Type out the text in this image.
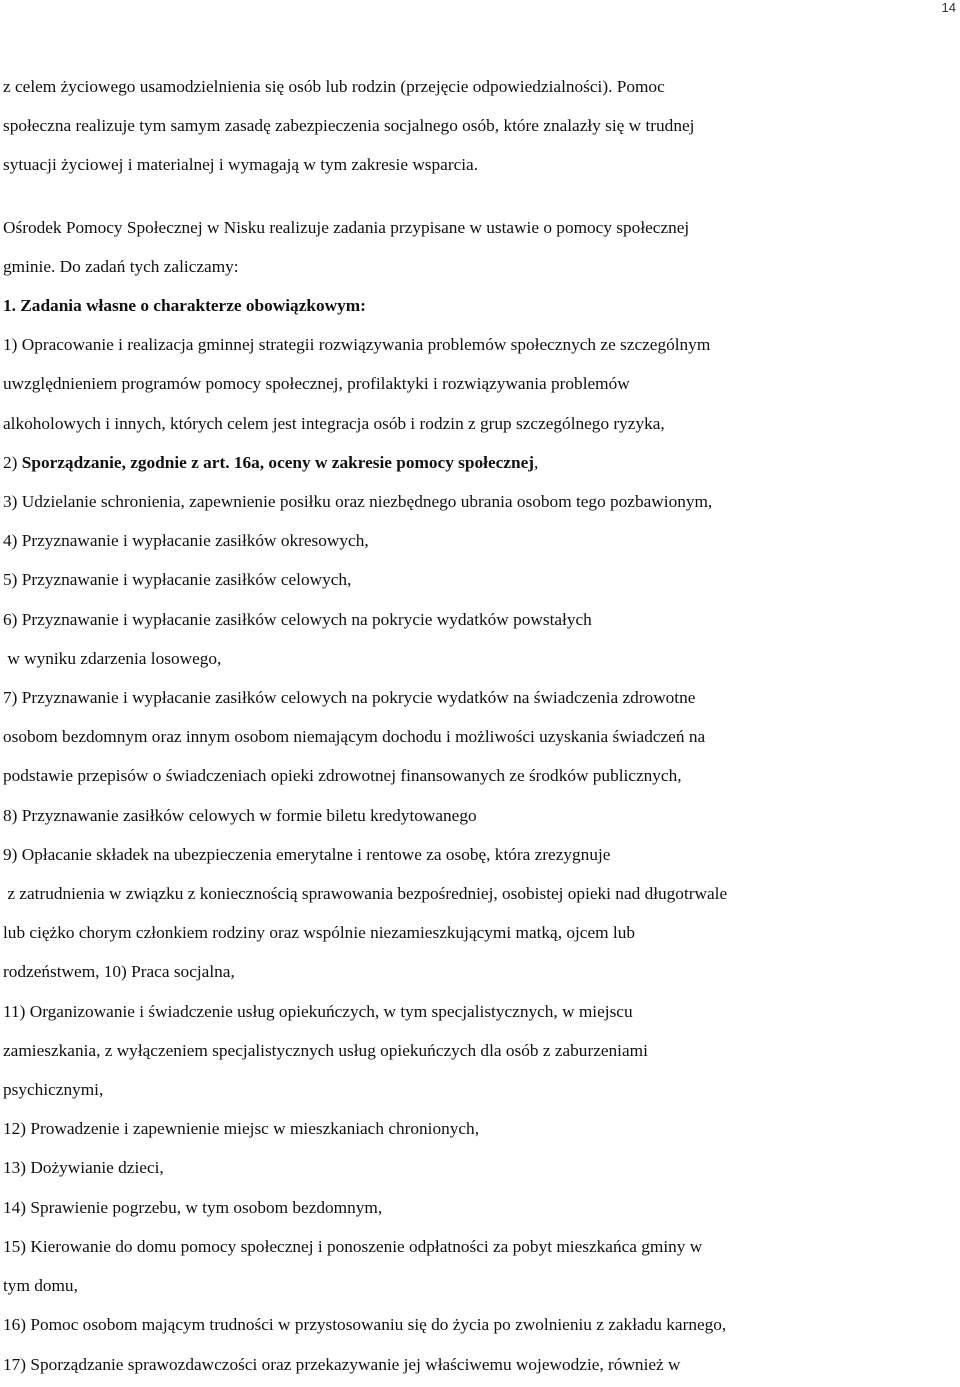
14

z celem życiowego usamodzielnienia się osób lub rodzin (przejęcie odpowiedzialności). Pomoc

społeczna realizuje tym samym zasadę zabezpieczenia socjalnego osób, które znalazły się w trudnej

sytuacji życiowej i materialnej i wymagają w tym zakresie wsparcia.

Ośrodek Pomocy Społecznej w Nisku realizuje zadania przypisane w ustawie o pomocy społecznej

gminie. Do zadań tych zaliczamy:

1. Zadania własne o charakterze obowiązkowym:

1) Opracowanie i realizacja gminnej strategii rozwiązywania problemów społecznych ze szczególnym

uwzględnieniem programów pomocy społecznej, profilaktyki i rozwiązywania problemów

alkoholowych i innych, których celem jest integracja osób i rodzin z grup szczególnego ryzyka,

2) Sporządzanie, zgodnie z art. 16a, oceny w zakresie pomocy społecznej,

3) Udzielanie schronienia, zapewnienie posiłku oraz niezbędnego ubrania osobom tego pozbawionym,

4) Przyznawanie i wypłacanie zasiłków okresowych,

5) Przyznawanie i wypłacanie zasiłków celowych,

6) Przyznawanie i wypłacanie zasiłków celowych na pokrycie wydatków powstałych

w wyniku zdarzenia losowego,

7) Przyznawanie i wypłacanie zasiłków celowych na pokrycie wydatków na świadczenia zdrowotne

osobom bezdomnym oraz innym osobom niemającym dochodu i możliwości uzyskania świadczeń na

podstawie przepisów o świadczeniach opieki zdrowotnej finansowanych ze środków publicznych,

8) Przyznawanie zasiłków celowych w formie biletu kredytowanego

9) Opłacanie składek na ubezpieczenia emerytalne i rentowe za osobę, która zrezygnuje

z zatrudnienia w związku z koniecznością sprawowania bezpośredniej, osobistej opieki nad długotrwale

lub ciężko chorym członkiem rodziny oraz wspólnie niezamieszkującymi matką, ojcem lub

rodzeństwem, 10) Praca socjalna,

11) Organizowanie i świadczenie usług opiekuńczych, w tym specjalistycznych, w miejscu

zamieszkania, z wyłączeniem specjalistycznych usług opiekuńczych dla osób z zaburzeniami

psychicznymi,

12) Prowadzenie i zapewnienie miejsc w mieszkaniach chronionych,

13) Dożywianie dzieci,

14) Sprawienie pogrzebu, w tym osobom bezdomnym,

15) Kierowanie do domu pomocy społecznej i ponoszenie odpłatności za pobyt mieszkańca gminy w

tym domu,

16) Pomoc osobom mającym trudności w przystosowaniu się do życia po zwolnieniu z zakładu karnego,

17) Sporządzanie sprawozdawczości oraz przekazywanie jej właściwemu wojewodzie, również w
